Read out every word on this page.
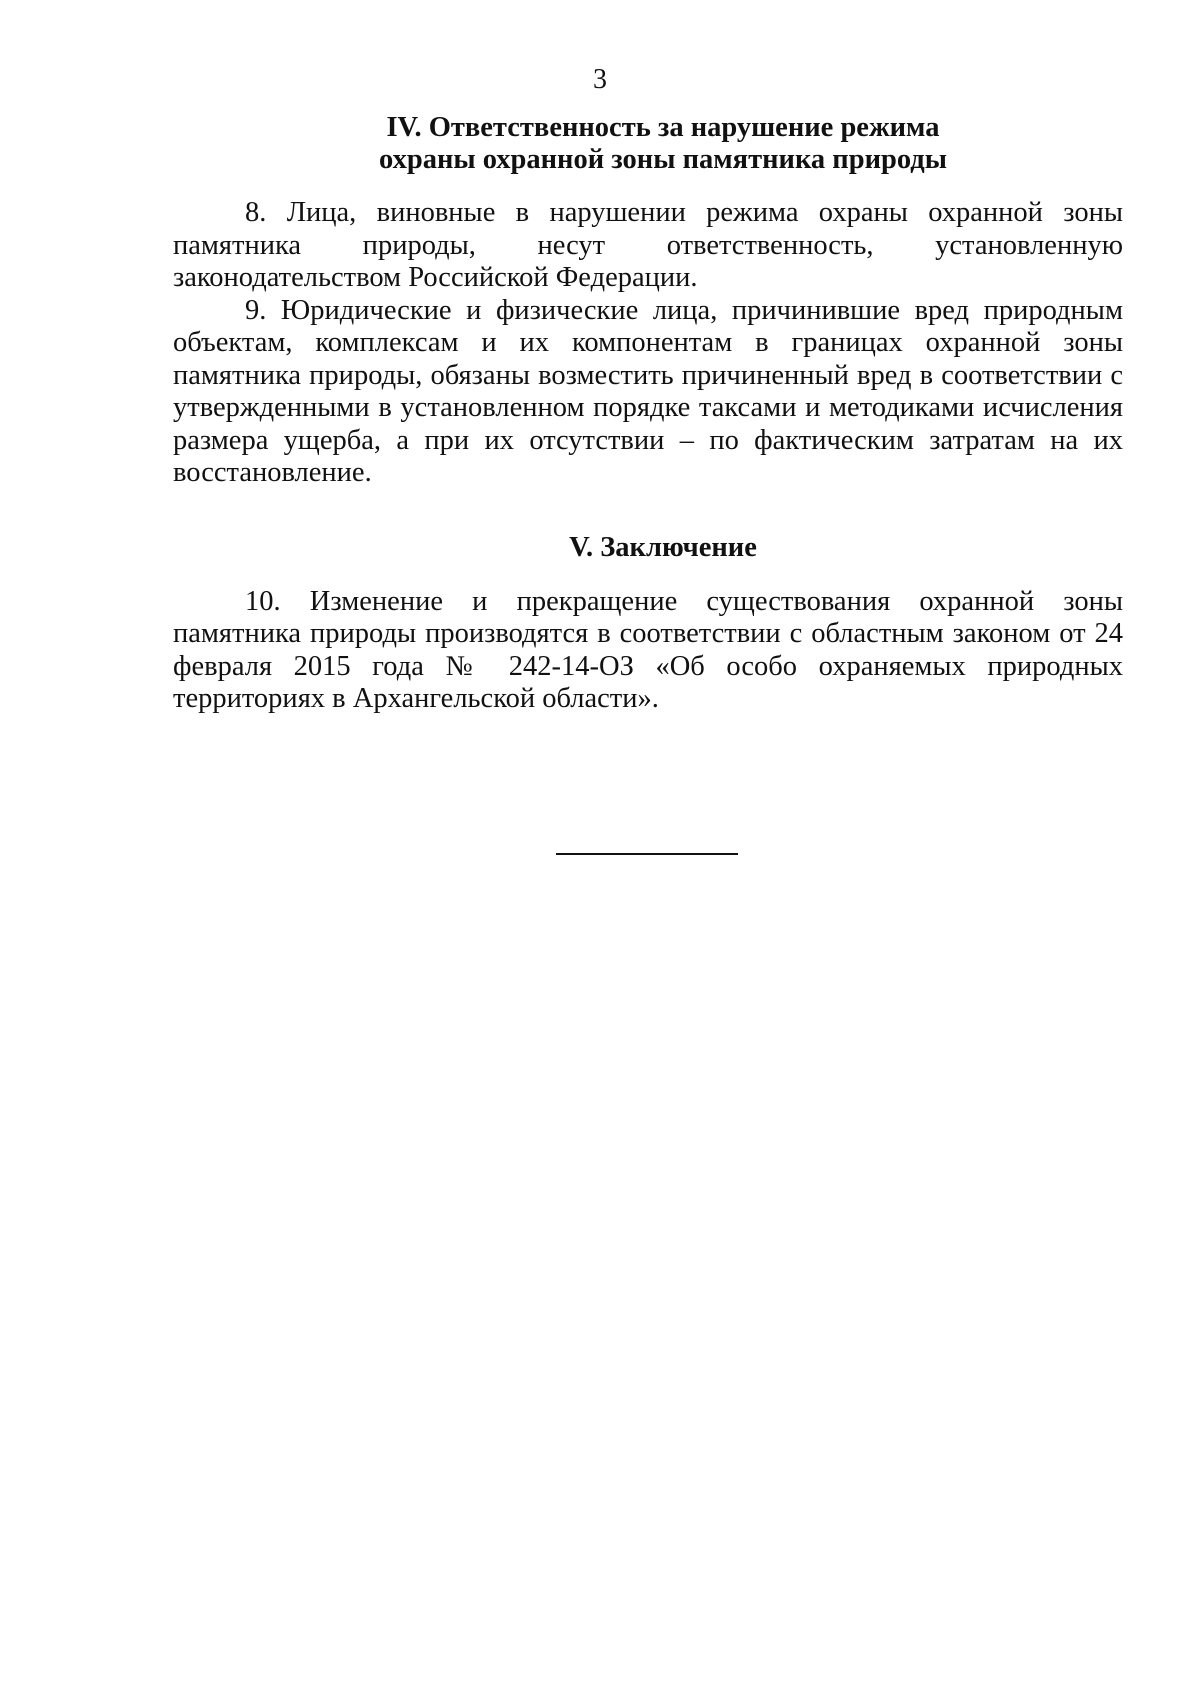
3
IV. Ответственность за нарушение режима
охраны охранной зоны памятника природы

8. Лица, виновные в нарушении режима охраны охранной зоны памятника природы, несут ответственность, установленную законодательством Российской Федерации.

9. Юридические и физические лица, причинившие вред природным объектам, комплексам и их компонентам в границах охранной зоны памятника природы, обязаны возместить причиненный вред в соответствии с утвержденными в установленном порядке таксами и методиками исчисления размера ущерба, а при их отсутствии – по фактическим затратам на их восстановление.

V. Заключение

10. Изменение и прекращение существования охранной зоны памятника природы производятся в соответствии с областным законом от 24 февраля 2015 года № 242-14-ОЗ «Об особо охраняемых природных территориях в Архангельской области».
